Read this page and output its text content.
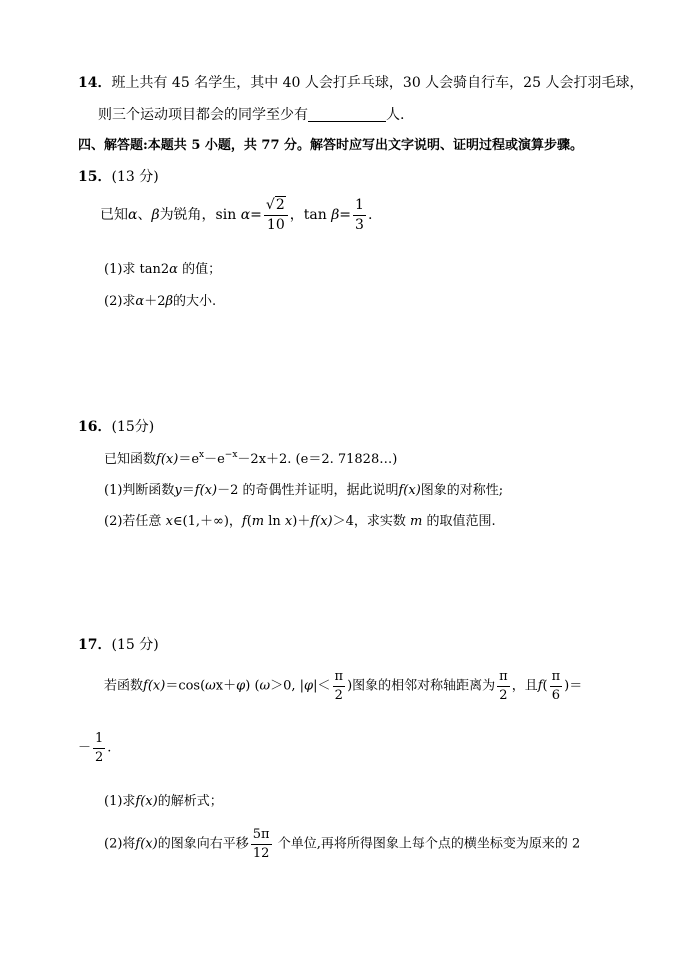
14．班上共有 45 名学生，其中 40 人会打乒乓球，30 人会骑自行车，25 人会打羽毛球，
则三个运动项目都会的同学至少有	人.
四、解答题:本题共 5 小题，共 77 分。解答时应写出文字说明、证明过程或演算步骤。
15．(13 分)
已知α、β为锐角，$\sin \alpha= \frac{√2}{10}$ ，$\tan \beta= \frac{1}{3}$ .
(1)求 tan2α 的值；
(2)求α＋2β的大小.
16．(15分)
已知函数$f(x)=e^x-e^{-x}-2x+2$. (e＝2. 71828…)
(1)判断函数y＝f(x)－2 的奇偶性并证明，据此说明f(x)图象的对称性;
(2)若任意 x∈(1,＋∞)，f(m ln x)＋f(x)＞4，求实数 m 的取值范围.
17．(15 分)
若函数f(x)＝cos(ωx＋φ) (ω＞0, $|\varphi|< \frac{\pi}{2}$ )图象的相邻对称轴距离为 $\frac{\pi}{2}$ ，且$f( \frac{\pi}{6}$ )＝
－ $\frac{1}{2}$ .
(1)求f(x)的解析式；
(2)将f(x)的图象向右平移 $\frac{5\pi}{12}$ 个单位,再将所得图象上每个点的横坐标变为原来的 2
